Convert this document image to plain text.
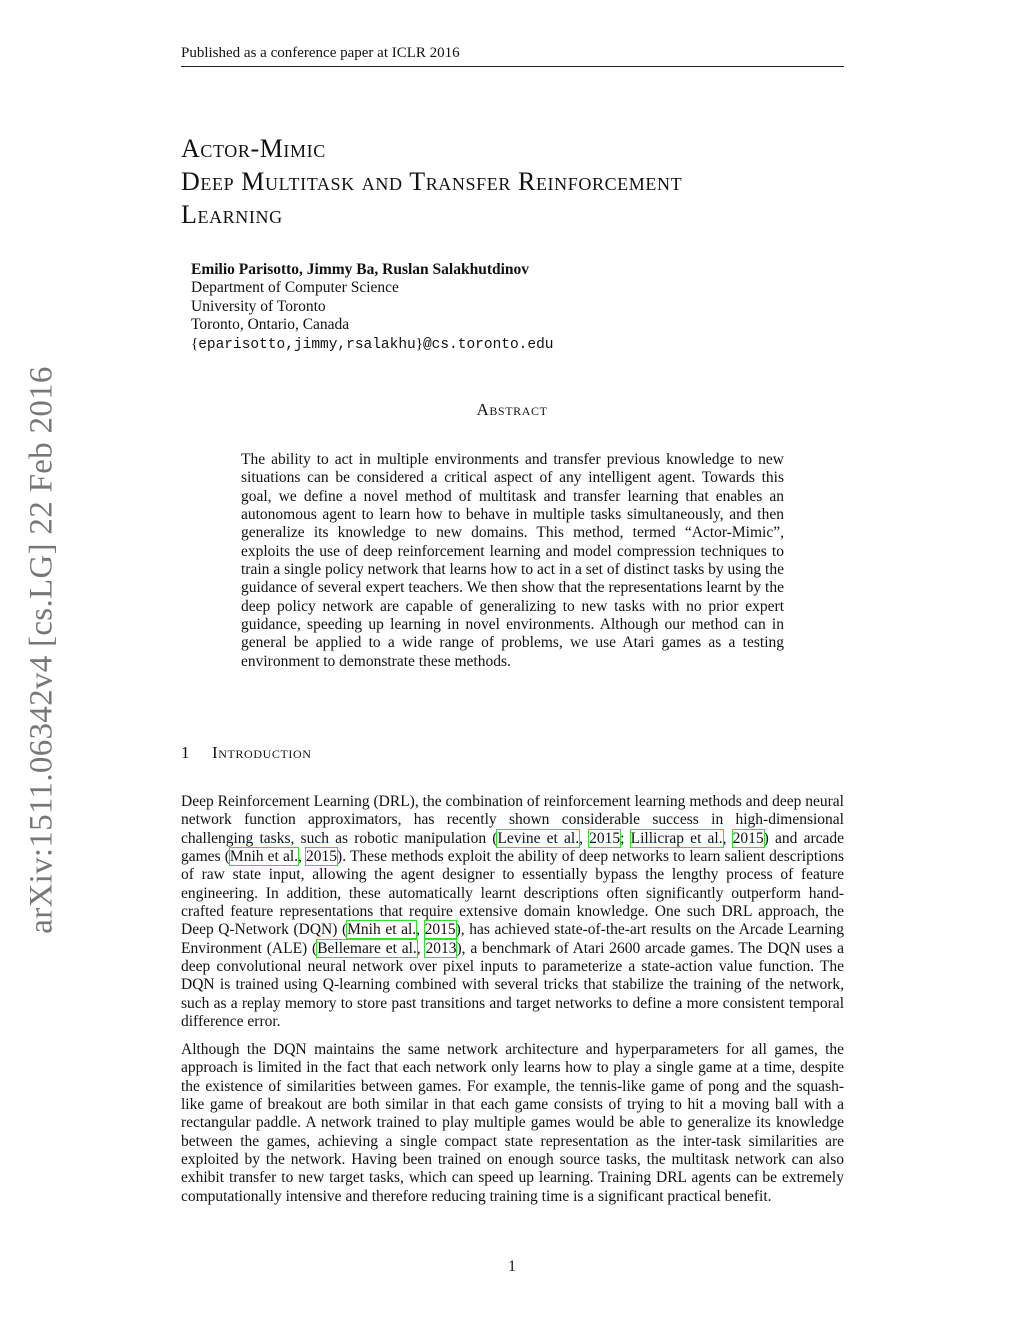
Published as a conference paper at ICLR 2016
arXiv:1511.06342v4 [cs.LG] 22 Feb 2016
Actor-Mimic
Deep Multitask and Transfer Reinforcement
Learning
Emilio Parisotto, Jimmy Ba, Ruslan Salakhutdinov
Department of Computer Science
University of Toronto
Toronto, Ontario, Canada
{eparisotto,jimmy,rsalakhu}@cs.toronto.edu
Abstract
The ability to act in multiple environments and transfer previous knowledge to new situations can be considered a critical aspect of any intelligent agent. Towards this goal, we define a novel method of multitask and transfer learning that enables an autonomous agent to learn how to behave in multiple tasks simultaneously, and then generalize its knowledge to new domains. This method, termed “Actor-Mimic”, exploits the use of deep reinforcement learning and model compression techniques to train a single policy network that learns how to act in a set of distinct tasks by using the guidance of several expert teachers. We then show that the representations learnt by the deep policy network are capable of generalizing to new tasks with no prior expert guidance, speeding up learning in novel environments. Although our method can in general be applied to a wide range of problems, we use Atari games as a testing environment to demonstrate these methods.
1 Introduction
Deep Reinforcement Learning (DRL), the combination of reinforcement learning methods and deep neural network function approximators, has recently shown considerable success in high-dimensional challenging tasks, such as robotic manipulation (Levine et al., 2015; Lillicrap et al., 2015) and arcade games (Mnih et al., 2015). These methods exploit the ability of deep networks to learn salient descriptions of raw state input, allowing the agent designer to essentially bypass the lengthy process of feature engineering. In addition, these automatically learnt descriptions often significantly outperform hand-crafted feature representations that require extensive domain knowledge. One such DRL approach, the Deep Q-Network (DQN) (Mnih et al., 2015), has achieved state-of-the-art results on the Arcade Learning Environment (ALE) (Bellemare et al., 2013), a benchmark of Atari 2600 arcade games. The DQN uses a deep convolutional neural network over pixel inputs to parameterize a state-action value function. The DQN is trained using Q-learning combined with several tricks that stabilize the training of the network, such as a replay memory to store past transitions and target networks to define a more consistent temporal difference error.
Although the DQN maintains the same network architecture and hyperparameters for all games, the approach is limited in the fact that each network only learns how to play a single game at a time, despite the existence of similarities between games. For example, the tennis-like game of pong and the squash-like game of breakout are both similar in that each game consists of trying to hit a moving ball with a rectangular paddle. A network trained to play multiple games would be able to generalize its knowledge between the games, achieving a single compact state representation as the inter-task similarities are exploited by the network. Having been trained on enough source tasks, the multitask network can also exhibit transfer to new target tasks, which can speed up learning. Training DRL agents can be extremely computationally intensive and therefore reducing training time is a significant practical benefit.
1
